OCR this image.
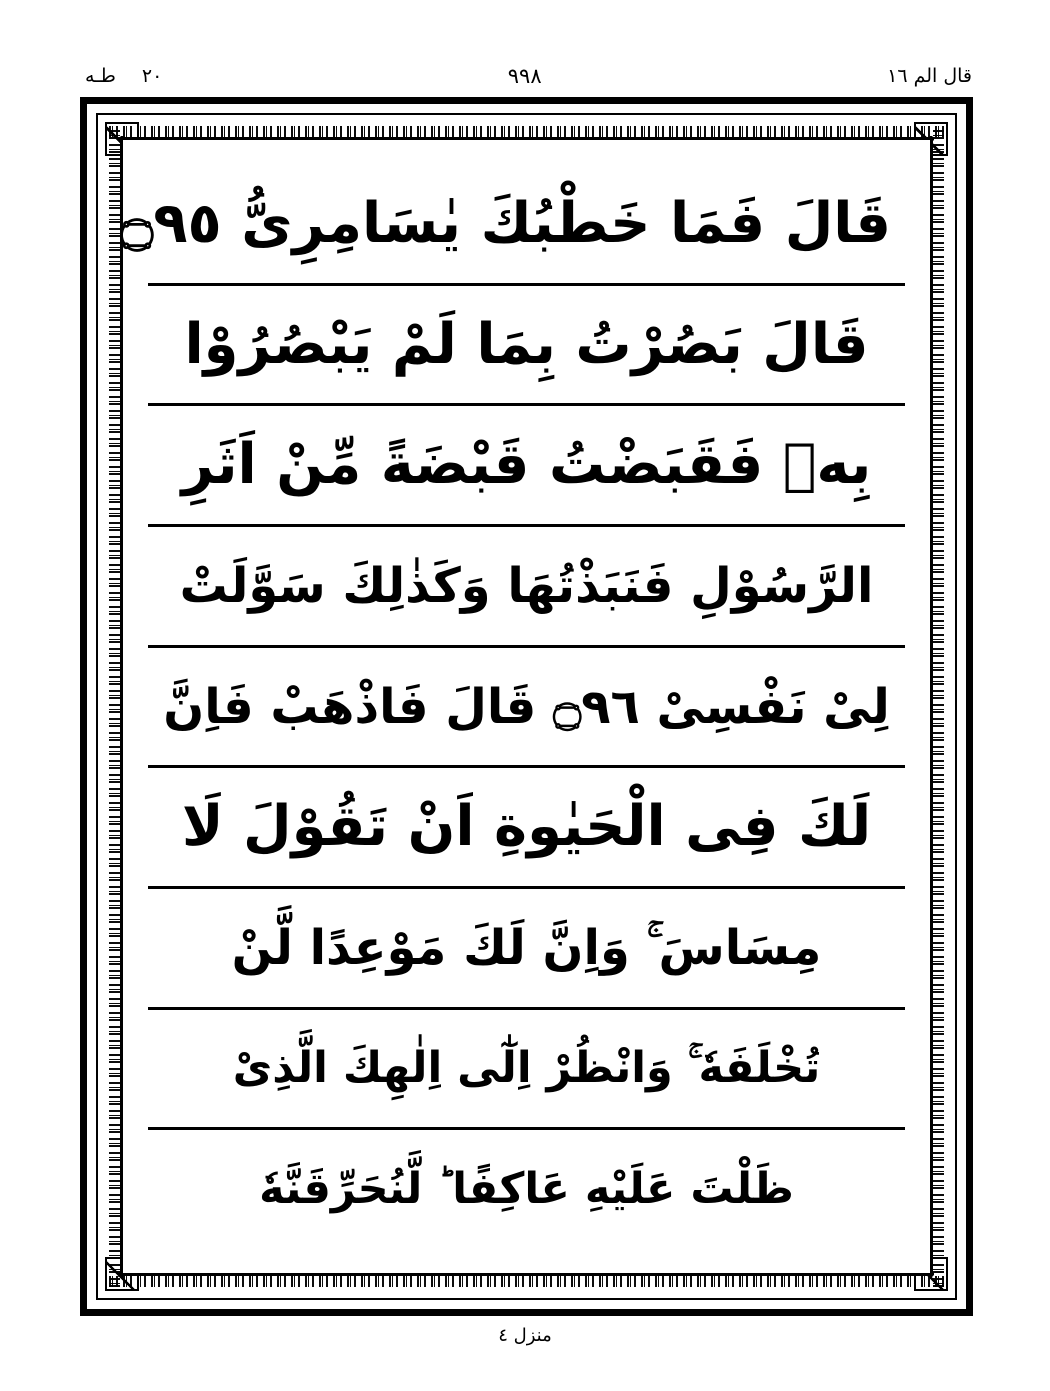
قال الم ١٦
٩٩٨
٢٠
طـه
قَالَ فَمَا خَطْبُكَ يٰسَامِرِىُّ ۝٩٥
قَالَ بَصُرْتُ بِمَا لَمْ يَبْصُرُوْا
بِهٖ فَقَبَضْتُ قَبْضَةً مِّنْ اَثَرِ
الرَّسُوْلِ فَنَبَذْتُهَا وَكَذٰلِكَ سَوَّلَتْ
لِىْ نَفْسِىْ ۝٩٦ قَالَ فَاذْهَبْ فَاِنَّ
لَكَ فِى الْحَيٰوةِ اَنْ تَقُوْلَ لَا
مِسَاسَ ۚ وَاِنَّ لَكَ مَوْعِدًا لَّنْ
تُخْلَفَهٗ ۚ وَانْظُرْ اِلٰٓى اِلٰهِكَ الَّذِىْ
ظَلْتَ عَلَيْهِ عَاكِفًا ؕ لَّنُحَرِّقَنَّهٗ
منزل ٤
